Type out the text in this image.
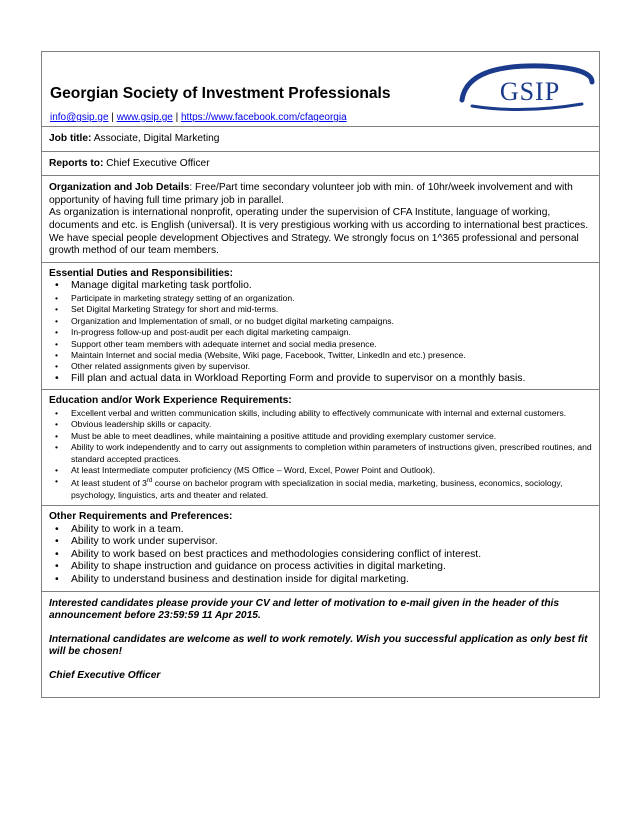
Georgian Society of Investment Professionals
info@gsip.ge | www.gsip.ge | https://www.facebook.com/cfageorgia
GSIP
Job title: Associate, Digital Marketing
Reports to: Chief Executive Officer
Organization and Job Details: Free/Part time secondary volunteer job with min. of 10hr/week involvement and with opportunity of having full time primary job in parallel.
As organization is international nonprofit, operating under the supervision of CFA Institute, language of working, documents and etc. is English (universal). It is very prestigious working with us according to international best practices.
We have special people development Objectives and Strategy. We strongly focus on 1^365 professional and personal growth method of our team members.
Essential Duties and Responsibilities:
• Manage digital marketing task portfolio.
• Participate in marketing strategy setting of an organization.
• Set Digital Marketing Strategy for short and mid-terms.
• Organization and Implementation of small, or no budget digital marketing campaigns.
• In-progress follow-up and post-audit per each digital marketing campaign.
• Support other team members with adequate internet and social media presence.
• Maintain Internet and social media (Website, Wiki page, Facebook, Twitter, LinkedIn and etc.) presence.
• Other related assignments given by supervisor.
• Fill plan and actual data in Workload Reporting Form and provide to supervisor on a monthly basis.
Education and/or Work Experience Requirements:
• Excellent verbal and written communication skills, including ability to effectively communicate with internal and external customers.
• Obvious leadership skills or capacity.
• Must be able to meet deadlines, while maintaining a positive attitude and providing exemplary customer service.
• Ability to work independently and to carry out assignments to completion within parameters of instructions given, prescribed routines, and standard accepted practices.
• At least Intermediate computer proficiency (MS Office – Word, Excel, Power Point and Outlook).
• At least student of 3rd course on bachelor program with specialization in social media, marketing, business, economics, sociology, psychology, linguistics, arts and theater and related.
Other Requirements and Preferences:
• Ability to work in a team.
• Ability to work under supervisor.
• Ability to work based on best practices and methodologies considering conflict of interest.
• Ability to shape instruction and guidance on process activities in digital marketing.
• Ability to understand business and destination inside for digital marketing.

Interested candidates please provide your CV and letter of motivation to e-mail given in the header of this announcement before 23:59:59 11 Apr 2015.

International candidates are welcome as well to work remotely. Wish you successful application as only best fit will be chosen!

Chief Executive Officer
